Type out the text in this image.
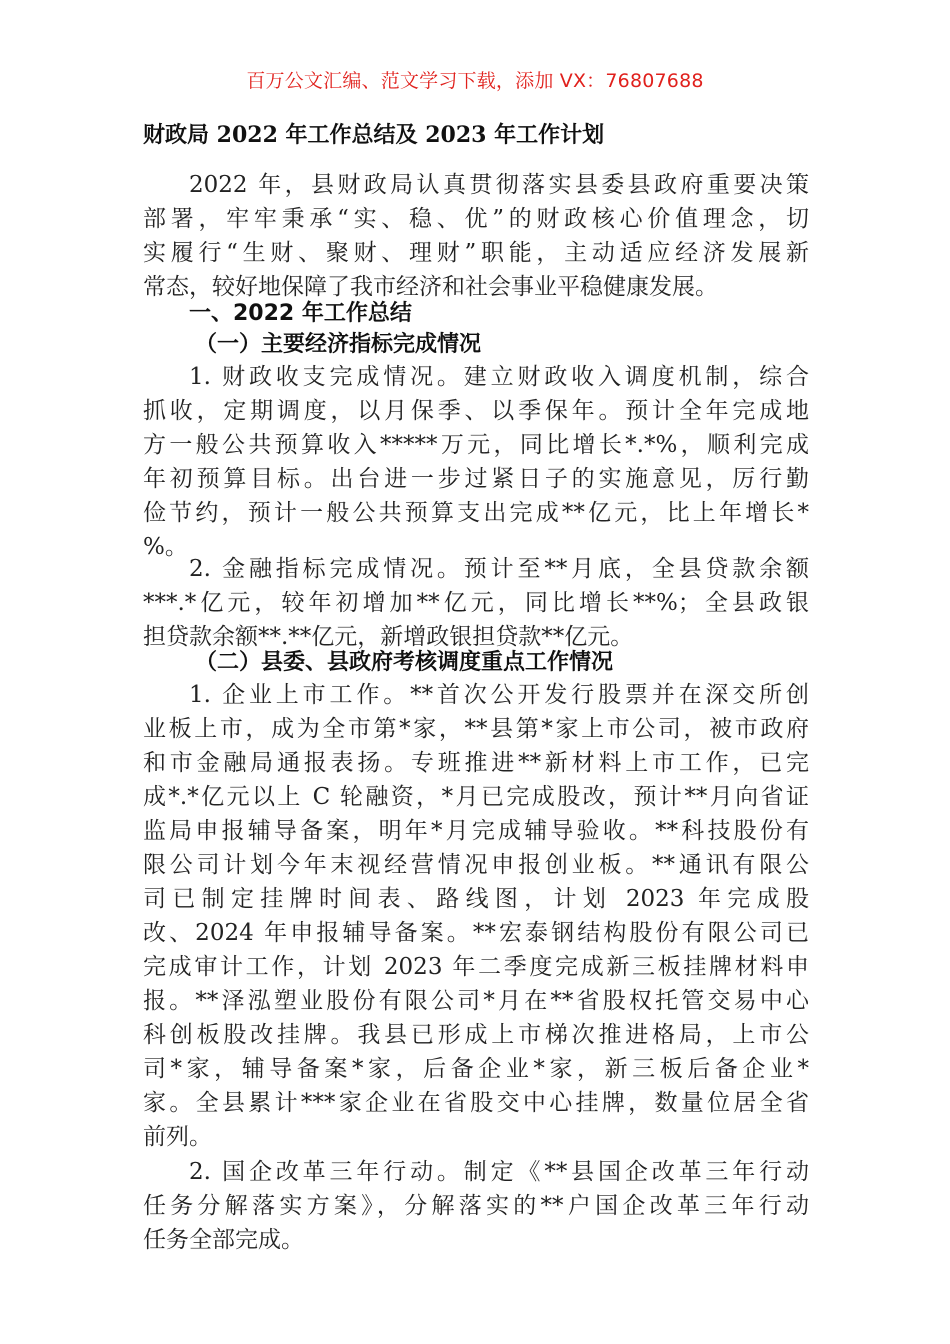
百万公文汇编、范文学习下载，添加 VX：76807688
财政局 2022 年工作总结及 2023 年工作计划
2022 年，县财政局认真贯彻落实县委县政府重要决策
部署，牢牢秉承“实、稳、优”的财政核心价值理念，切
实履行“生财、聚财、理财”职能，主动适应经济发展新
常态，较好地保障了我市经济和社会事业平稳健康发展。
一、2022 年工作总结
（一）主要经济指标完成情况
1. 财政收支完成情况。建立财政收入调度机制，综合
抓收，定期调度，以月保季、以季保年。预计全年完成地
方一般公共预算收入*****万元，同比增长*.*%，顺利完成
年初预算目标。出台进一步过紧日子的实施意见，厉行勤
俭节约，预计一般公共预算支出完成**亿元，比上年增长*
%。
2. 金融指标完成情况。预计至**月底，全县贷款余额
***.*亿元，较年初增加**亿元，同比增长**%；全县政银
担贷款余额**.**亿元，新增政银担贷款**亿元。
（二）县委、县政府考核调度重点工作情况
1. 企业上市工作。**首次公开发行股票并在深交所创
业板上市，成为全市第*家，**县第*家上市公司，被市政府
和市金融局通报表扬。专班推进**新材料上市工作，已完
成*.*亿元以上 C 轮融资，*月已完成股改，预计**月向省证
监局申报辅导备案，明年*月完成辅导验收。**科技股份有
限公司计划今年末视经营情况申报创业板。**通讯有限公
司已制定挂牌时间表、路线图，计划 2023 年完成股
改、2024 年申报辅导备案。**宏泰钢结构股份有限公司已
完成审计工作，计划 2023 年二季度完成新三板挂牌材料申
报。**泽泓塑业股份有限公司*月在**省股权托管交易中心
科创板股改挂牌。我县已形成上市梯次推进格局，上市公
司*家，辅导备案*家，后备企业*家，新三板后备企业*
家。全县累计***家企业在省股交中心挂牌，数量位居全省
前列。
2. 国企改革三年行动。制定《**县国企改革三年行动
任务分解落实方案》，分解落实的**户国企改革三年行动
任务全部完成。
